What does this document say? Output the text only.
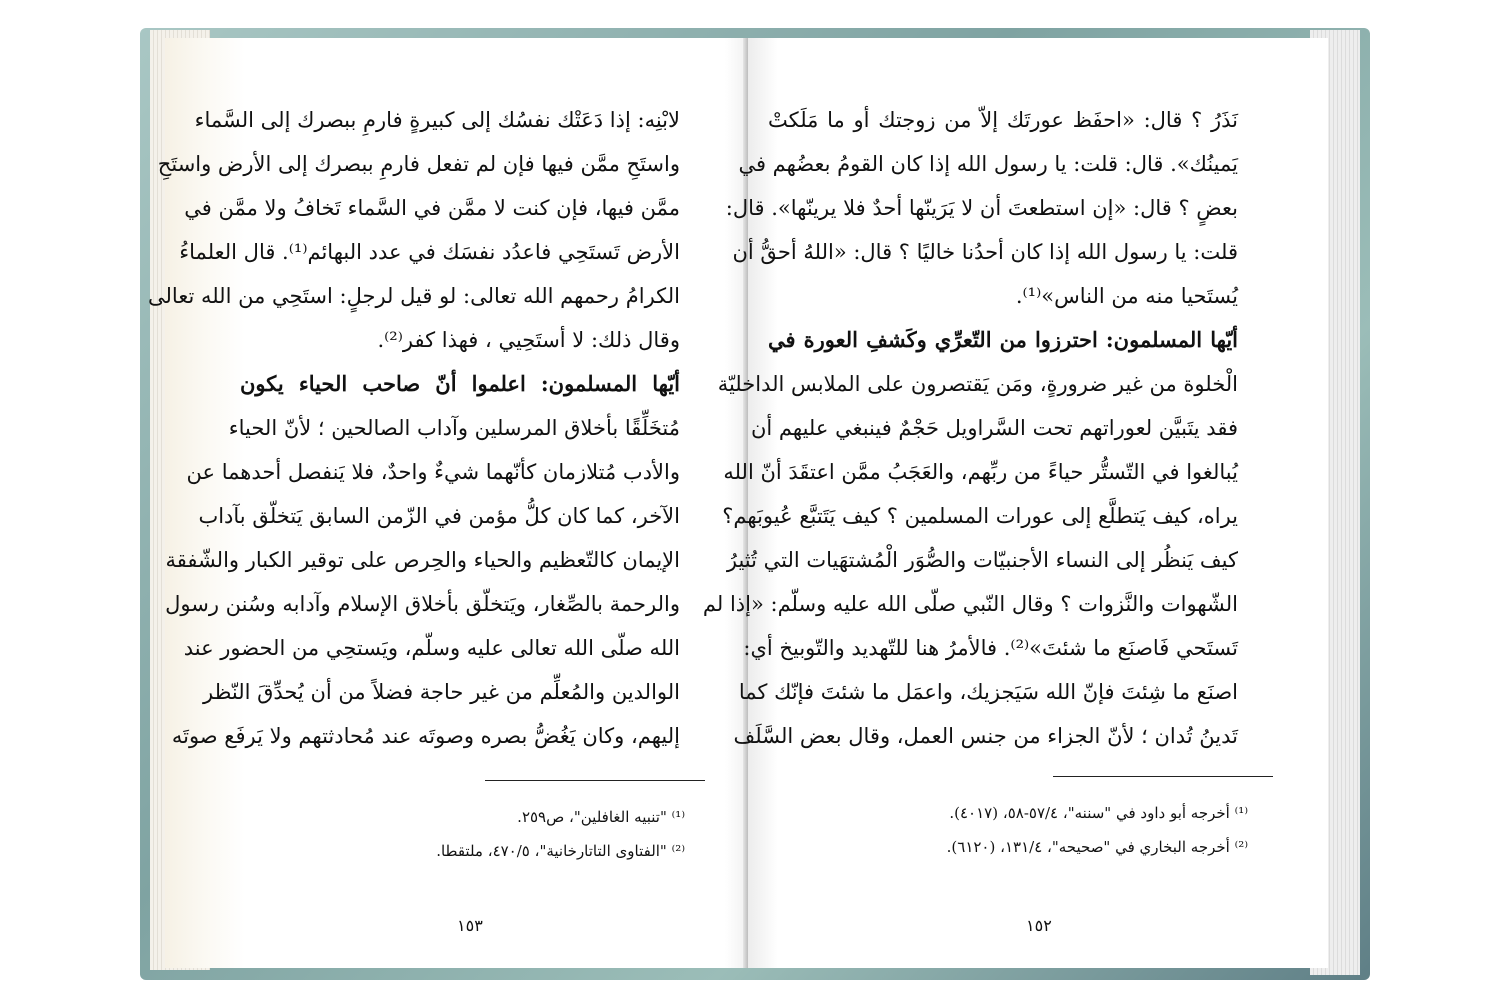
لابْنِه: إذا دَعَتْك نفسُك إلى كبيرةٍ فارمِ ببصرك إلى السَّماء
واستَحِ ممَّن فيها فإن لم تفعل فارمِ ببصرك إلى الأرض واستَحِ
ممَّن فيها، فإن كنت لا ممَّن في السَّماء تَخافُ ولا ممَّن في
الأرض تَستَحِي فاعدُد نفسَك في عدد البهائم⁽¹⁾. قال العلماءُ
الكرامُ رحمهم الله تعالى: لو قيل لرجلٍ: استَحِي من الله تعالى
وقال ذلك: لا أستَحِيي ، فهذا كفر⁽²⁾.
أيّها المسلمون: اعلموا أنّ صاحب الحياء يكون
مُتخَلِّقًا بأخلاق المرسلين وآداب الصالحين ؛ لأنّ الحياء
والأدب مُتلازمان كأنّهما شيءٌ واحدٌ، فلا يَنفصل أحدهما عن
الآخر، كما كان كلُّ مؤمن في الزّمن السابق يَتخلّق بآداب
الإيمان كالتّعظيم والحياء والحِرص على توقير الكبار والشّفقة
والرحمة بالصِّغار، ويَتخلّق بأخلاق الإسلام وآدابه وسُنن رسول
الله صلّى الله تعالى عليه وسلّم، ويَستحِي من الحضور عند
الوالدين والمُعلِّم من غير حاجة فضلاً من أن يُحدِّقَ النّظر
إليهم، وكان يَغُضُّ بصره وصوتَه عند مُحادثتهم ولا يَرفَع صوتَه
⁽¹⁾ "تنبيه الغافلين"، ص٢٥٩.
⁽²⁾ "الفتاوى التاتارخانية"، ٤٧٠/٥، ملتقطا.
١٥٣
نَذَرُ ؟ قال: «احفَظ عورتَك إلاّ من زوجتك أو ما مَلَكتْ
يَمينُك». قال: قلت: يا رسول الله إذا كان القومُ بعضُهم في
بعضٍ ؟ قال: «إن استطعتَ أن لا يَرَينّها أحدٌ فلا يرينّها». قال:
قلت: يا رسول الله إذا كان أحدُنا خاليًا ؟ قال: «اللهُ أحقُّ أن
يُستَحيا منه من الناس»⁽¹⁾.
أيّها المسلمون: احترزوا من التّعرِّي وكَشفِ العورة في
الْخلوة من غير ضرورةٍ، ومَن يَقتصرون على الملابس الداخليّة
فقد يتَبيَّن لعوراتهم تحت السَّراويل حَجْمٌ فينبغي عليهم أن
يُبالغوا في التّستُّر حياءً من ربِّهم، والعَجَبُ ممَّن اعتقَدَ أنّ الله
يراه، كيف يَتطلَّع إلى عورات المسلمين ؟ كيف يَتَتبَّع عُيوبَهم؟
كيف يَنظُر إلى النساء الأجنبيّات والصُّوَر الْمُشتهَيات التي تُثيرُ
الشّهوات والنَّزوات ؟ وقال النّبي صلّى الله عليه وسلّم: «إذا لم
تَستَحي فَاصنَع ما شئتَ»⁽²⁾. فالأمرُ هنا للتّهديد والتّوبيخ أي:
اصنَع ما شِئتَ فإنّ الله سَيَجزيك، واعمَل ما شئتَ فإنّك كما
تَدينُ تُدان ؛ لأنّ الجزاء من جنس العمل، وقال بعض السَّلَف
⁽¹⁾ أخرجه أبو داود في "سننه"، ٥٧/٤-٥٨، (٤٠١٧).
⁽²⁾ أخرجه البخاري في "صحيحه"، ١٣١/٤، (٦١٢٠).
١٥٢
